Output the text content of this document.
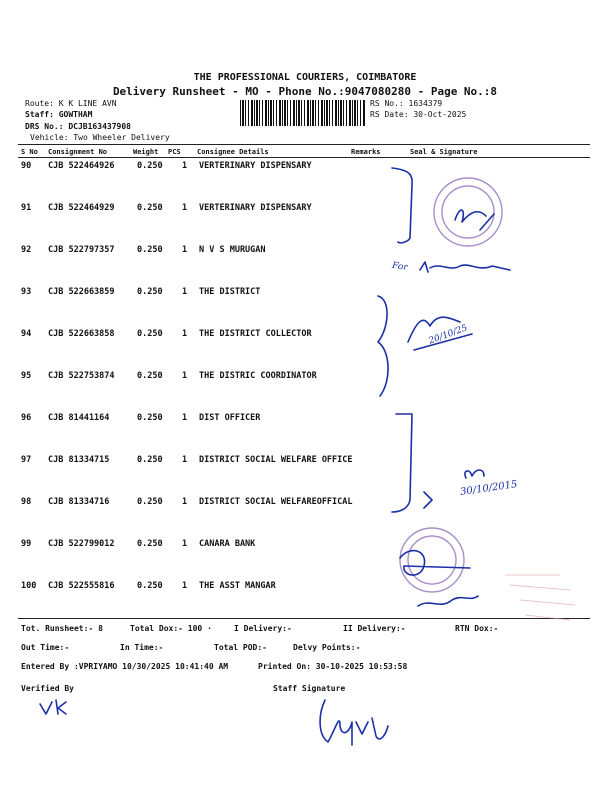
THE PROFESSIONAL COURIERS, COIMBATORE
Delivery Runsheet - MO - Phone No.:9047080280 - Page No.:8
Route: K K LINE AVN
Staff: GOWTHAM
DRS No.: DCJB163437908
Vehicle: Two Wheeler Delivery
RS No.: 1634379
RS Date: 30-Oct-2025
S No Consignment No	Weight PCS Consignee Details	Remarks	Seal & Signature
90 CJB 522464926	0.250 1 VERTERINARY DISPENSARY
91 CJB 522464929	0.250 1 VERTERINARY DISPENSARY
92 CJB 522797357	0.250 1 N V S MURUGAN
93 CJB 522663859	0.250 1 THE DISTRICT
94 CJB 522663858	0.250 1 THE DISTRICT COLLECTOR
95 CJB 522753874	0.250 1 THE DISTRIC COORDINATOR
96 CJB 81441164	0.250 1 DIST OFFICER
97 CJB 81334715	0.250 1 DISTRICT SOCIAL WELFARE OFFICE
98 CJB 81334716	0.250 1 DISTRICT SOCIAL WELFAREOFFICAL
99 CJB 522799012	0.250 1 CANARA BANK
100 CJB 522555816	0.250 1 THE ASST MANGAR
Tot. Runsheet:- 8	Total Dox:- 100 ·	I Delivery:-	II Delivery:-	RTN Dox:-
Out Time:-	In Time:-	Total POD:-	Delvy Points:-
Entered By :VPRIYAMO 10/30/2025 10:41:40 AM	Printed On: 30-10-2025 10:53:58
Verified By	Staff Signature
For
20/10/25
30/10/2015
